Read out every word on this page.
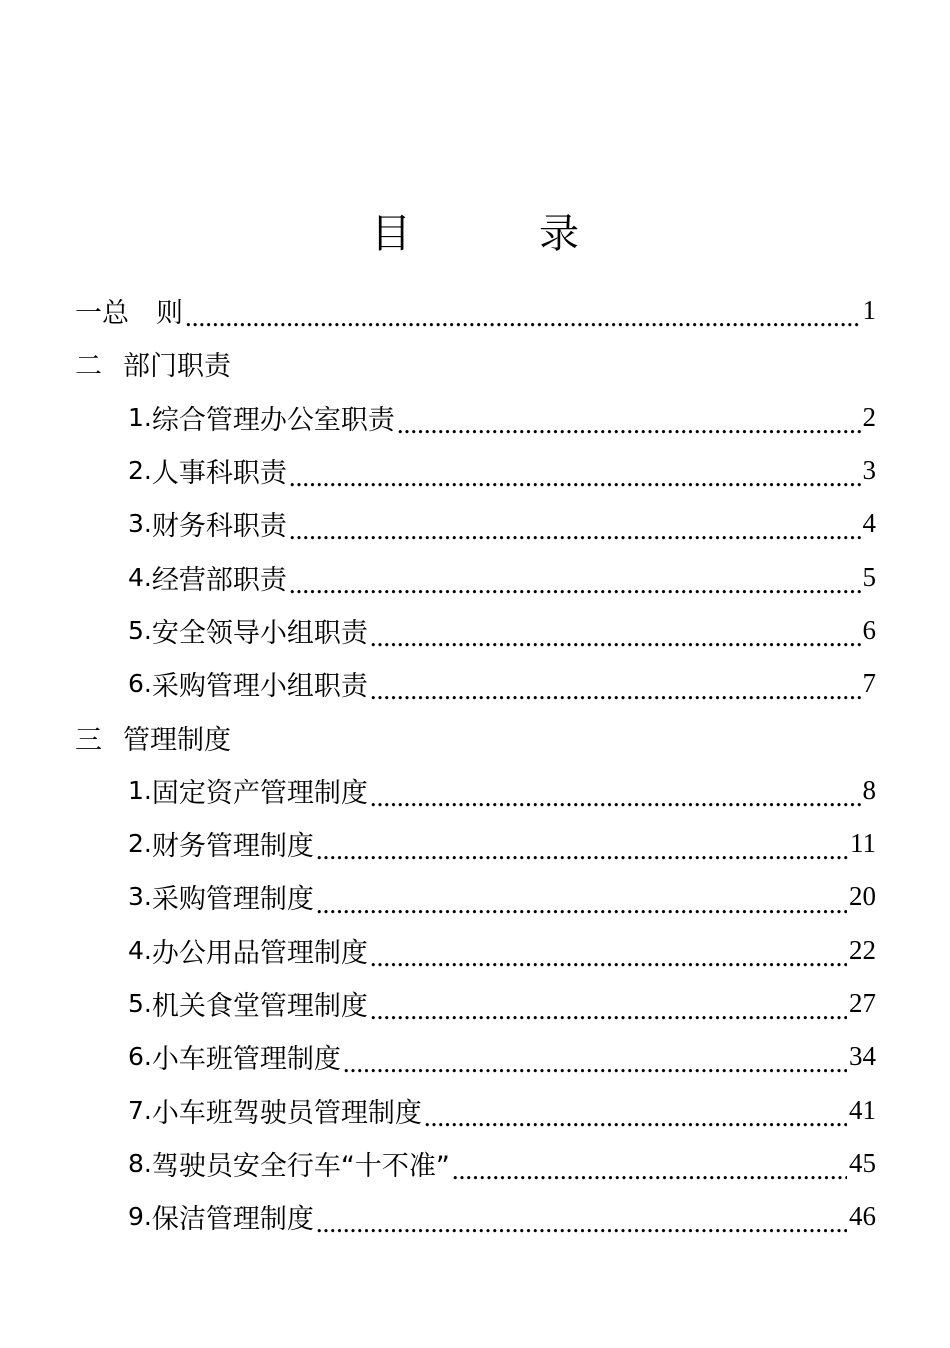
目　录
一 总　则 .....	1
二 部门职责
1. 综合管理办公室职责 .....	2
2. 人事科职责 .....	3
3. 财务科职责 .....	4
4. 经营部职责 .....	5
5. 安全领导小组职责 .....	6
6. 采购管理小组职责 .....	7
三 管理制度
1. 固定资产管理制度 .....	8
2. 财务管理制度 .....	11
3. 采购管理制度 .....	20
4. 办公用品管理制度 .....	22
5. 机关食堂管理制度 .....	27
6. 小车班管理制度 .....	34
7. 小车班驾驶员管理制度 .....	41
8. 驾驶员安全行车“十不准” .....	45
9. 保洁管理制度 .....	46
